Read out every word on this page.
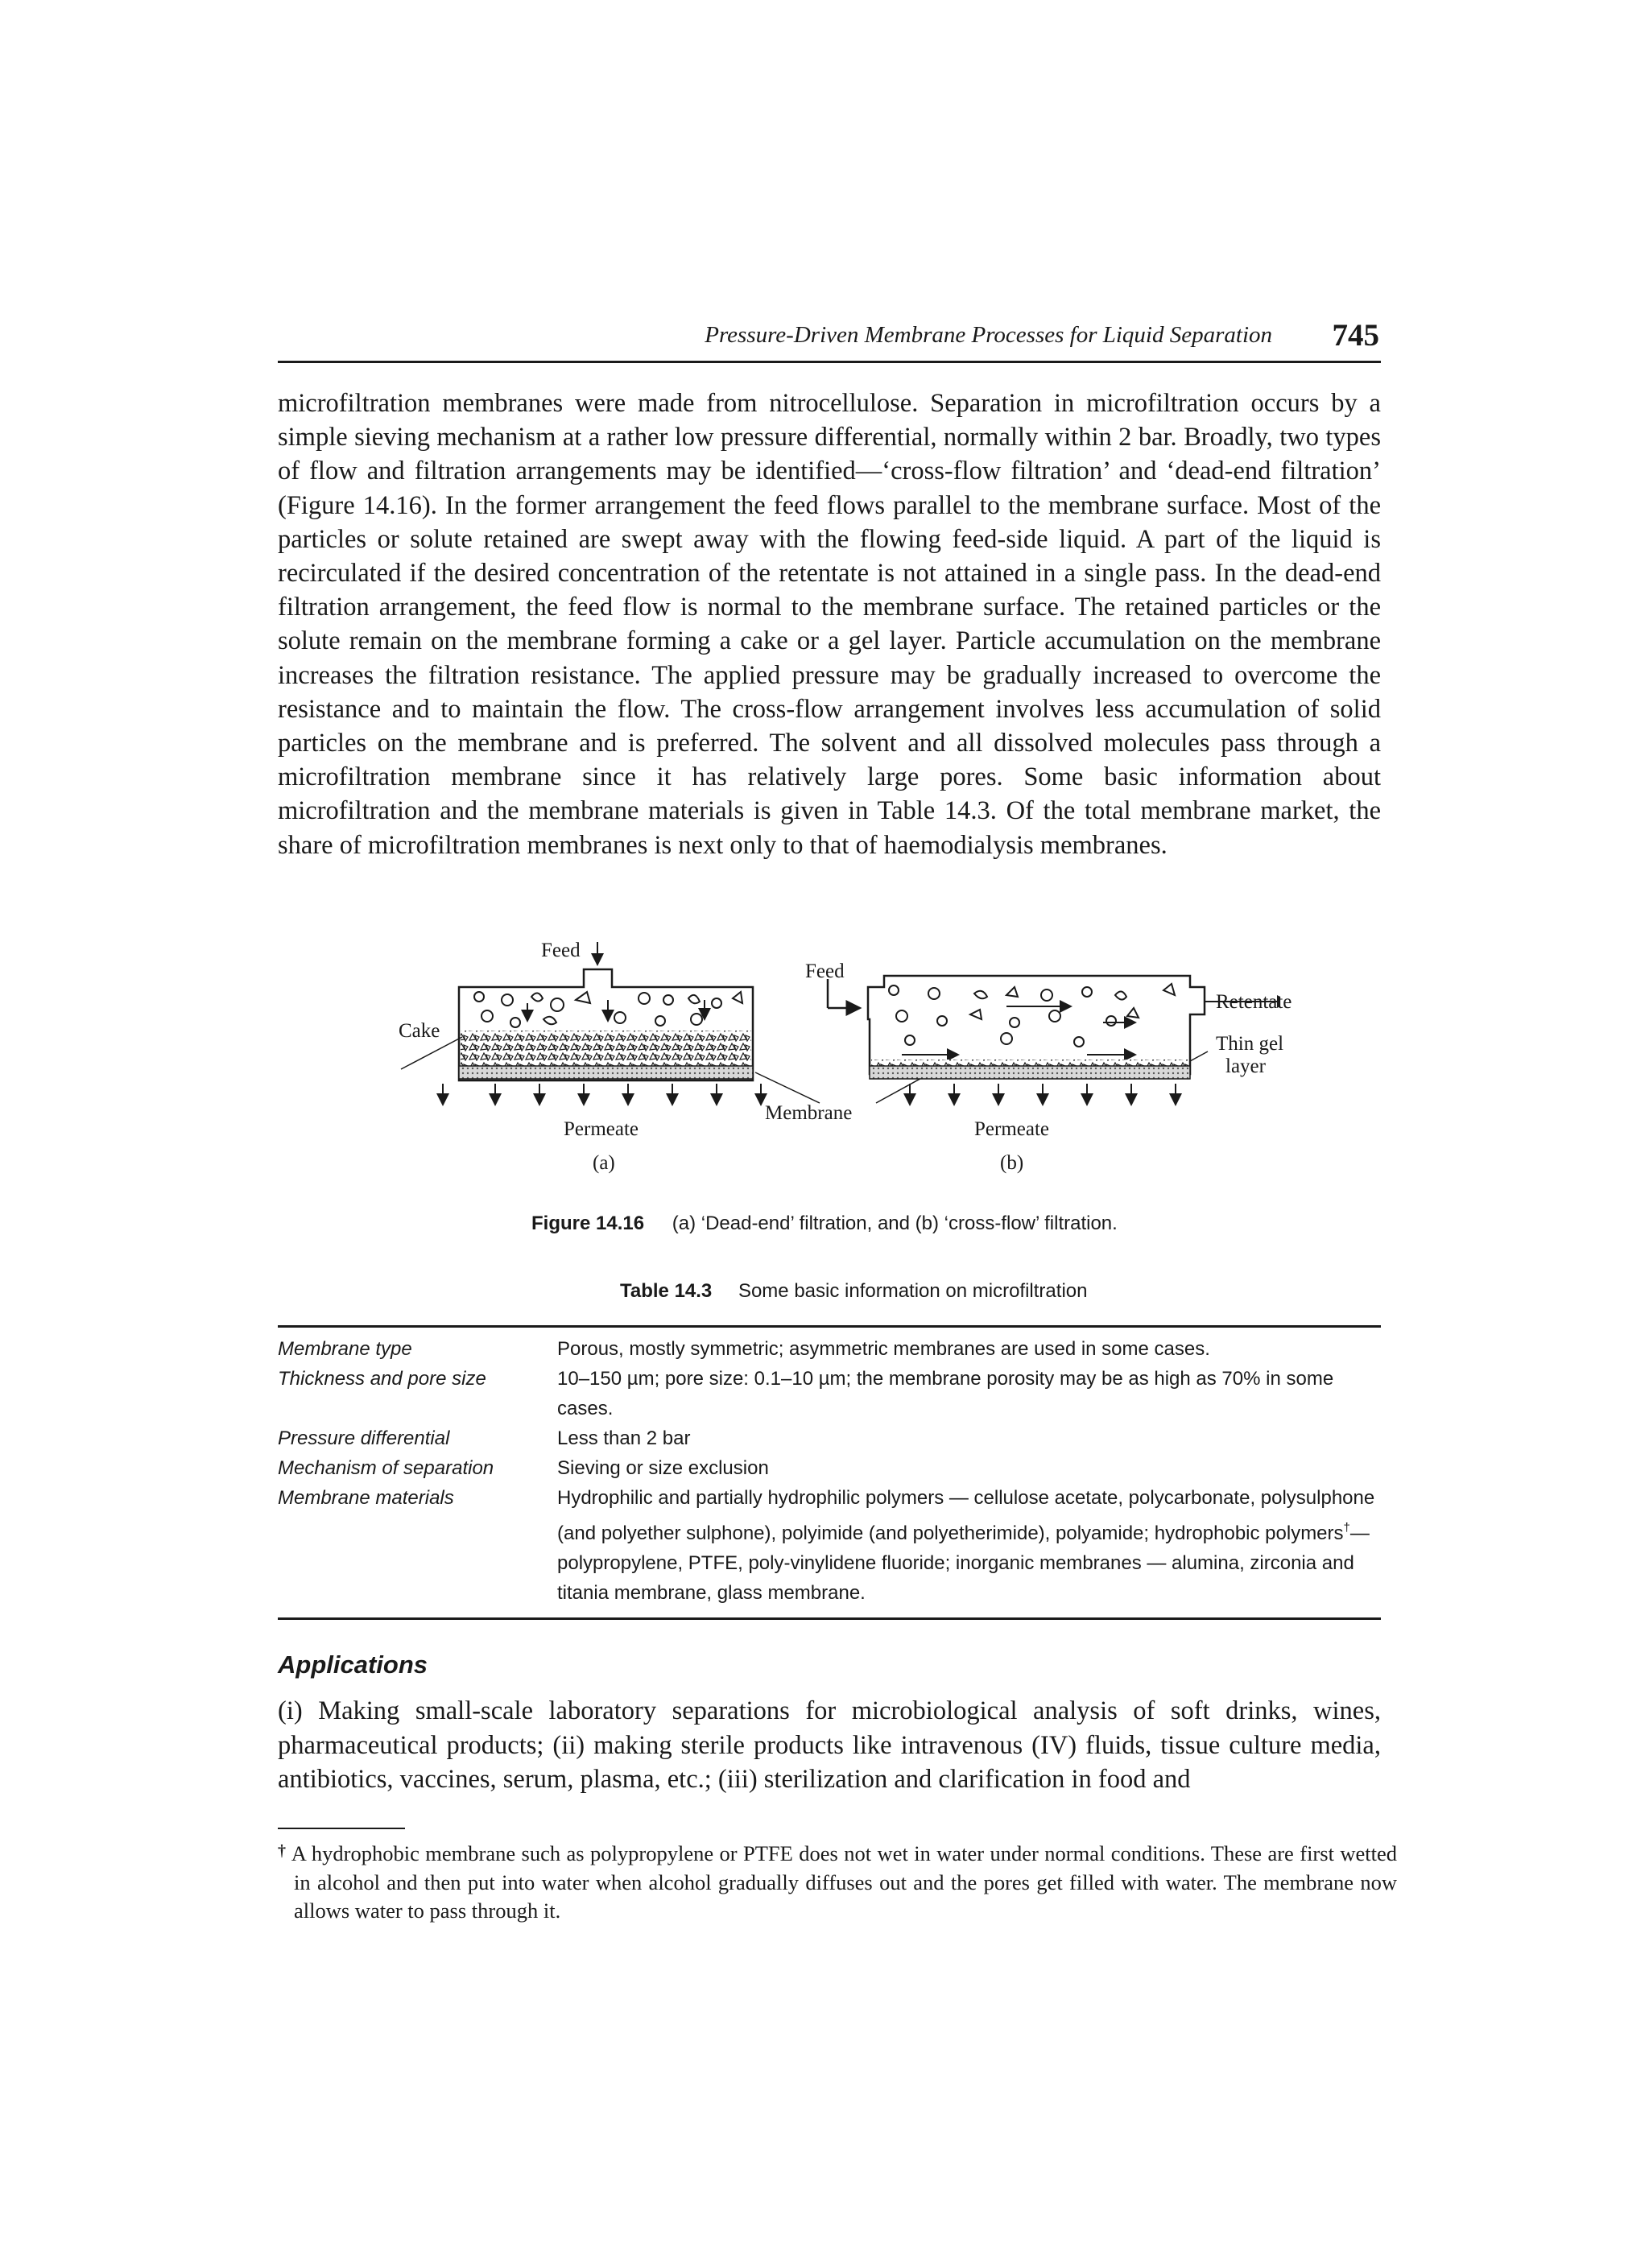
Pressure-Driven Membrane Processes for Liquid Separation 745

microfiltration membranes were made from nitrocellulose. Separation in microfiltration occurs by a simple sieving mechanism at a rather low pressure differential, normally within 2 bar. Broadly, two types of flow and filtration arrangements may be identified—‘cross-flow filtration’ and ‘dead-end filtration’ (Figure 14.16). In the former arrangement the feed flows parallel to the membrane surface. Most of the particles or solute retained are swept away with the flowing feed-side liquid. A part of the liquid is recirculated if the desired concentration of the retentate is not attained in a single pass. In the dead-end filtration arrangement, the feed flow is normal to the membrane surface. The retained particles or the solute remain on the membrane forming a cake or a gel layer. Particle accumulation on the membrane increases the filtration resistance. The applied pressure may be gradually increased to overcome the resistance and to maintain the flow. The cross-flow arrangement involves less accumulation of solid particles on the membrane and is preferred. The solvent and all dissolved molecules pass through a microfiltration membrane since it has relatively large pores. Some basic information about microfiltration and the membrane materials is given in Table 14.3. Of the total membrane market, the share of microfiltration membranes is next only to that of haemodialysis membranes.

Feed
Feed
Cake
Retentate
Thin gel
layer
Membrane
Permeate	Permeate
(a)	(b)
Figure 14.16 (a) ‘Dead-end’ filtration, and (b) ‘cross-flow’ filtration.
Table 14.3 Some basic information on microfiltration
Membrane type	Porous, mostly symmetric; asymmetric membranes are used in some cases.
Thickness and pore size	10–150 µm; pore size: 0.1–10 µm; the membrane porosity may be as high as 70% in some cases.
Pressure differential	Less than 2 bar
Mechanism of separation	Sieving or size exclusion
Membrane materials	Hydrophilic and partially hydrophilic polymers — cellulose acetate, polycarbonate, polysulphone (and polyether sulphone), polyimide (and polyetherimide), polyamide; hydrophobic polymers†— polypropylene, PTFE, poly-vinylidene fluoride; inorganic membranes — alumina, zirconia and titania membrane, glass membrane.
Applications

(i) Making small-scale laboratory separations for microbiological analysis of soft drinks, wines, pharmaceutical products; (ii) making sterile products like intravenous (IV) fluids, tissue culture media, antibiotics, vaccines, serum, plasma, etc.; (iii) sterilization and clarification in food and

† A hydrophobic membrane such as polypropylene or PTFE does not wet in water under normal conditions. These are first wetted in alcohol and then put into water when alcohol gradually diffuses out and the pores get filled with water. The membrane now allows water to pass through it.
